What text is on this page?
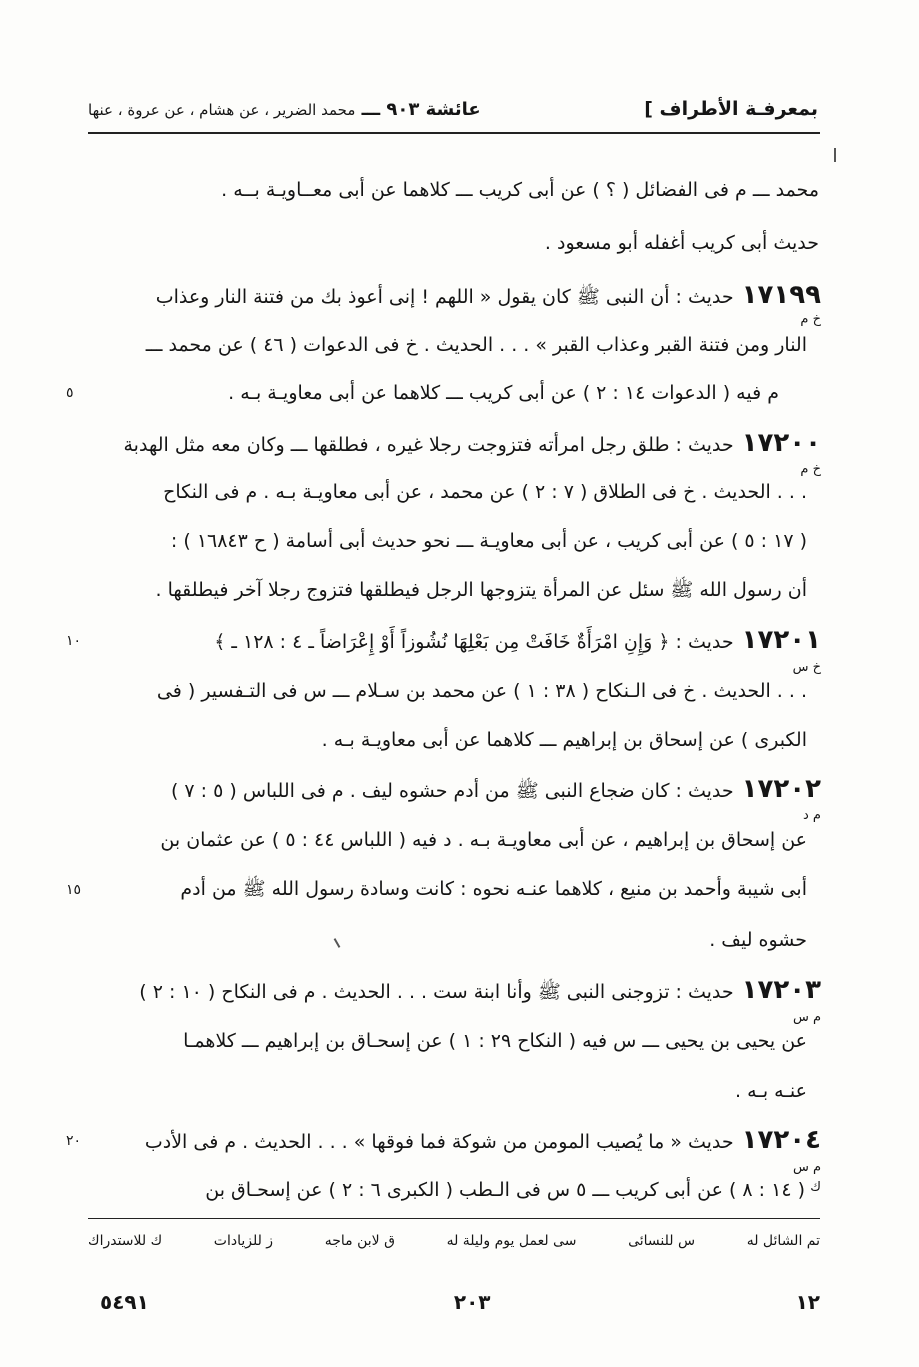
بمعرفـة الأطراف ]
عائشة ٩٠٣ ـــ محمد الضرير ، عن هشام ، عن عروة ، عنها
محمد ـــ م فى الفضائل ( ؟ ) عن أبى كريب ـــ كلاهما عن أبى معــاويـة بــه .
حديث أبى كريب أغفله أبو مسعود .
١٧١٩٩حديث : أن النبى ﷺ كان يقول « اللهم ! إنى أعوذ بك من فتنة النار وعذاب
خ م
النار ومن فتنة القبر وعذاب القبر » . . . الحديث . خ فى الدعوات ( ٤٦ ) عن محمد ـــ
م فيه ( الدعوات ١٤ : ٢ ) عن أبى كريب ـــ كلاهما عن أبى معاويـة بـه .
٥
١٧٢٠٠حديث : طلق رجل امرأته فتزوجت رجلا غيره ، فطلقها ـــ وكان معه مثل الهدبة
خ م
. . . الحديث . خ فى الطلاق ( ٧ : ٢ ) عن محمد ، عن أبى معاويـة بـه . م فى النكاح
( ١٧ : ٥ ) عن أبى كريب ، عن أبى معاويـة ـــ نحو حديث أبى أسامة ( ح ١٦٨٤٣ ) :
أن رسول الله ﷺ سئل عن المرأة يتزوجها الرجل فيطلقها فتزوج رجلا آخر فيطلقها .
١٧٢٠١حديث : ﴿ وَإِنِ امْرَأَةٌ خَافَتْ مِن بَعْلِهَا نُشُوزاً أَوْ إِعْرَاضاً ـ ٤ : ١٢٨ ـ ﴾
١٠
خ س
. . . الحديث . خ فى الـنكاح ( ٣٨ : ١ ) عن محمد بن سـلام ـــ س فى التـفسير ( فى
الكبرى ) عن إسحاق بن إبراهيم ـــ كلاهما عن أبى معاويـة بـه .
١٧٢٠٢حديث : كان ضجاع النبى ﷺ من أدم حشوه ليف . م فى اللباس ( ٥ : ٧ )
م د
عن إسحاق بن إبراهيم ، عن أبى معاويـة بـه . د فيه ( اللباس ٤٤ : ٥ ) عن عثمان بن
أبى شيبة وأحمد بن منيع ، كلاهما عنـه نحوه : كانت وسادة رسول الله ﷺ من أدم
١٥
حشوه ليف .
١٧٢٠٣حديث : تزوجنى النبى ﷺ وأنا ابنة ست . . . الحديث . م فى النكاح ( ١٠ : ٢ )
م س
عن يحيى بن يحيى ـــ س فيه ( النكاح ٢٩ : ١ ) عن إسحـاق بن إبراهيم ـــ كلاهمـا
عنـه بـه .
١٧٢٠٤حديث « ما يُصيب المومن من شوكة فما فوقها » . . . الحديث . م فى الأدب
٢٠
م س
ك
( ١٤ : ٨ ) عن أبى كريب ـــ ٥ س فى الـطب ( الكبرى ٦ : ٢ ) عن إسحـاق بن
تم الشائل له
س للنسائى
سى لعمل يوم وليلة له
ق لابن ماجه
ز للزيادات
ك للاستدراك
١٢
٢٠٣
٥٤٩١
